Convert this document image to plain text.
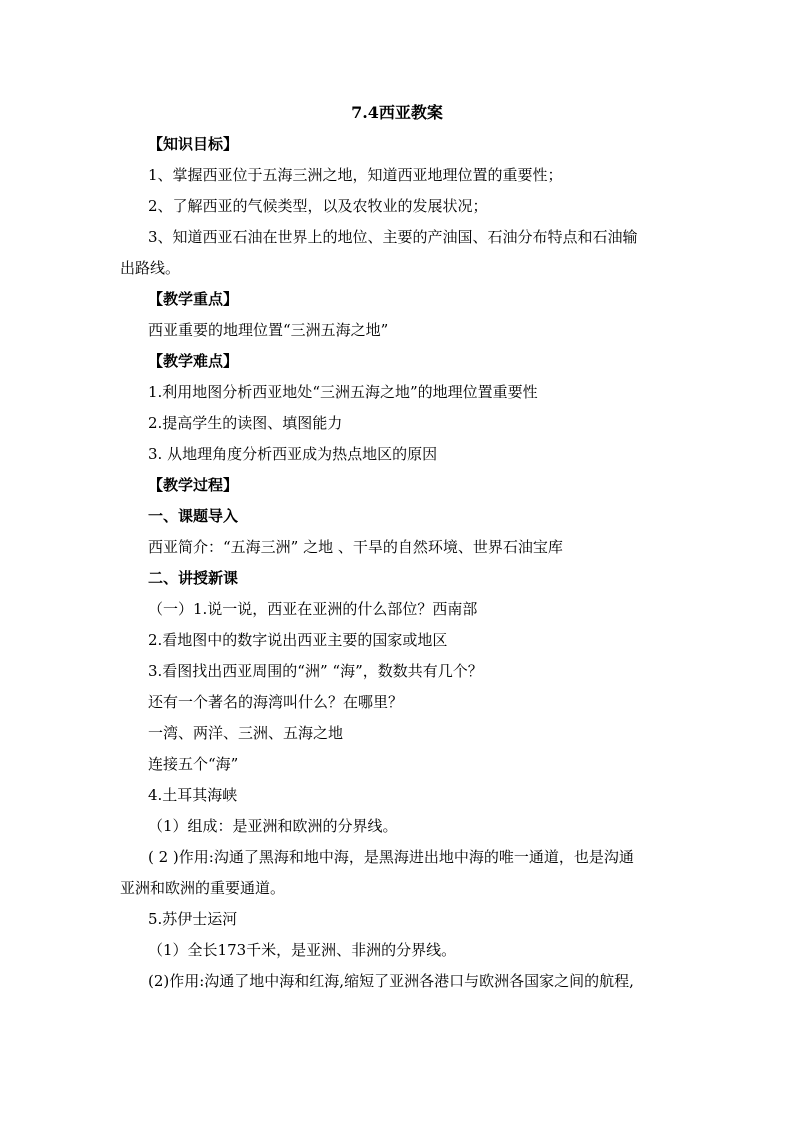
7.4西亚教案
【知识目标】
1、掌握西亚位于五海三洲之地，知道西亚地理位置的重要性；
2、了解西亚的气候类型，以及农牧业的发展状况；
3、知道西亚石油在世界上的地位、主要的产油国、石油分布特点和石油输
出路线。
【教学重点】
西亚重要的地理位置“三洲五海之地”
【教学难点】
1.利用地图分析西亚地处“三洲五海之地”的地理位置重要性
2.提高学生的读图、填图能力
3. 从地理角度分析西亚成为热点地区的原因
【教学过程】
一、课题导入
西亚简介：“五海三洲” 之地 、干旱的自然环境、世界石油宝库
二、讲授新课
（一）1.说一说，西亚在亚洲的什么部位？西南部
2.看地图中的数字说出西亚主要的国家或地区
3.看图找出西亚周围的“洲” “海”，数数共有几个？
还有一个著名的海湾叫什么？在哪里？
一湾、两洋、三洲、五海之地
连接五个“海”
4.土耳其海峡
（1）组成：是亚洲和欧洲的分界线。
( 2 )作用:沟通了黑海和地中海，是黑海进出地中海的唯一通道，也是沟通
亚洲和欧洲的重要通道。
5.苏伊士运河
（1）全长173千米，是亚洲、非洲的分界线。
(2)作用:沟通了地中海和红海,缩短了亚洲各港口与欧洲各国家之间的航程,
